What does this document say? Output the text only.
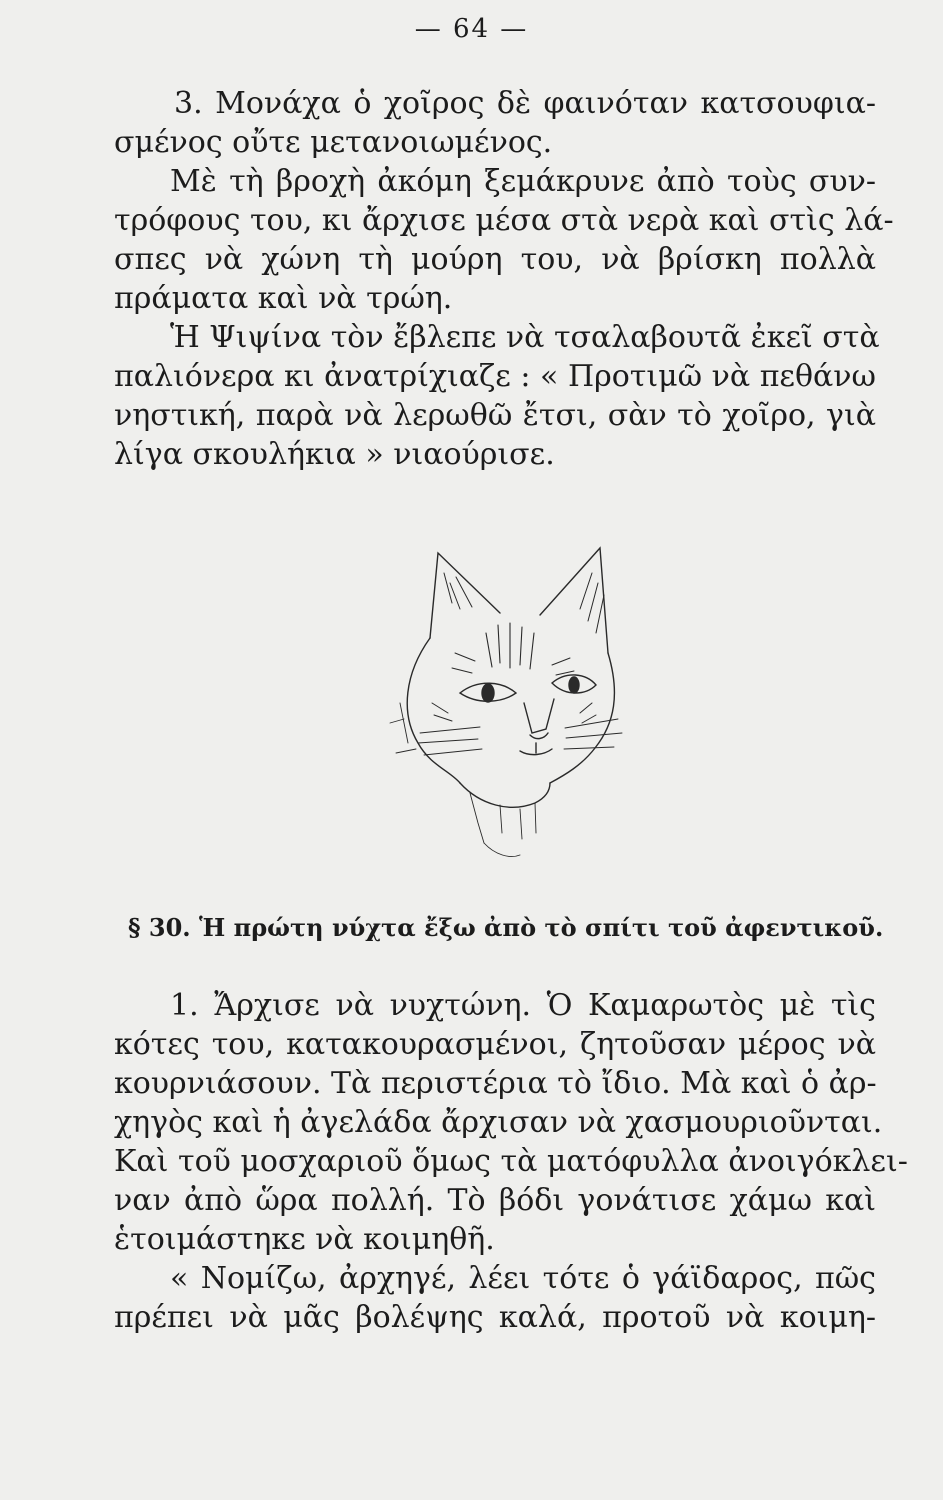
— 64 —
3. Μονάχα ὁ χοῖρος δὲ φαινόταν κατσουφια-
σμένος οὔτε μετανοιωμένος.
Μὲ τὴ βροχὴ ἀκόμη ξεμάκρυνε ἀπὸ τοὺς συν-
τρόφους του, κι ἄρχισε μέσα στὰ νερὰ καὶ στὶς λά-
σπες νὰ χώνη τὴ μούρη του, νὰ βρίσκη πολλὰ
πράματα καὶ νὰ τρώη.
Ἡ Ψιψίνα τὸν ἔβλεπε νὰ τσαλαβουτᾶ ἐκεῖ στὰ
παλιόνερα κι ἀνατρίχιαζε : « Προτιμῶ νὰ πεθάνω
νηστική, παρὰ νὰ λερωθῶ ἔτσι, σὰν τὸ χοῖρο, γιὰ
λίγα σκουλήκια » νιαούρισε.
§ 30. Ἡ πρώτη νύχτα ἔξω ἀπὸ τὸ σπίτι τοῦ ἀφεντικοῦ.
1. Ἄρχισε νὰ νυχτώνη. Ὁ Καμαρωτὸς μὲ τὶς
κότες του, κατακουρασμένοι, ζητοῦσαν μέρος νὰ
κουρνιάσουν. Τὰ περιστέρια τὸ ἴδιο. Μὰ καὶ ὁ ἀρ-
χηγὸς καὶ ἡ ἀγελάδα ἄρχισαν νὰ χασμουριοῦνται.
Καὶ τοῦ μοσχαριοῦ ὅμως τὰ ματόφυλλα ἀνοιγόκλει-
ναν ἀπὸ ὥρα πολλή. Τὸ βόδι γονάτισε χάμω καὶ
ἑτοιμάστηκε νὰ κοιμηθῆ.
« Νομίζω, ἀρχηγέ, λέει τότε ὁ γάϊδαρος, πῶς
πρέπει νὰ μᾶς βολέψης καλά, προτοῦ νὰ κοιμη-
